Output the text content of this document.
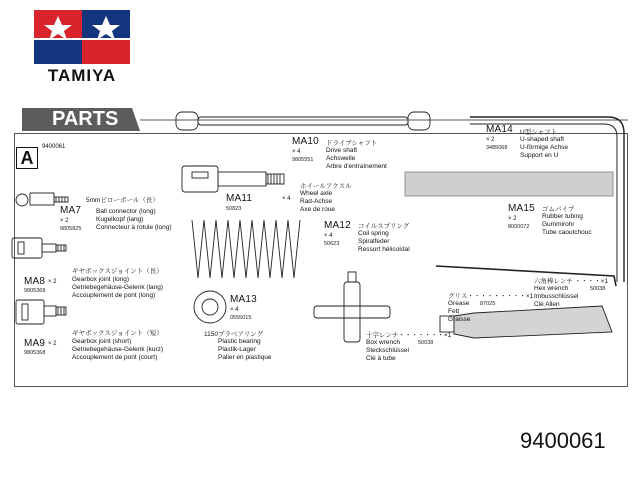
TAMIYA
PARTS
A
9400061
5mmピローボール（長）
MA7
× 2
9805825
Ball connector (long)
Kugelkopf (lang)
Connecteur à rotule (long)
ギヤボックスジョイント（長）
MA8 × 2
9805368
Gearbox joint (long)
Getriebegehäuse-Gelenk (lang)
Accouplement de pont (long)
ギヤボックスジョイント（短）
MA9 × 2
9805368
Gearbox joint (short)
Getriebegehäuse-Gelenk (kurz)
Accouplement de pont (court)
MA10
× 4
9805551
ドライブシャフト
Drive shaft
Achswelle
Arbre d'entraînement
ホイールアクスル
MA11	× 4
50823
Wheel axle
Rad-Achse
Axe de roue
MA12
× 4
50623
コイルスプリング
Coil spring
Spiralfeder
Ressort hélicoïdal
MA13
× 4
0555015
1150プラベアリング
Plastic bearing
Plastik-Lager
Palier en plastique
MA14
× 2
3485068
U型シャフト
U-shaped shaft
U-förmige Achse
Support en U
MA15
× 2
8000072
ゴムパイプ
Rubber tubing
Gummirohr
Tube caoutchouc
六角棒レンチ ・・・・×1
50038
Hex wrench
Imbusschlüssel
Clé Allen
グリス・・・・・・・・・×1
87025
Grease
Fett
Graisse
十字レンチ・・・・・・・×1
50038
Box wrench
Steckschlüssel
Clé à tube
9400061
